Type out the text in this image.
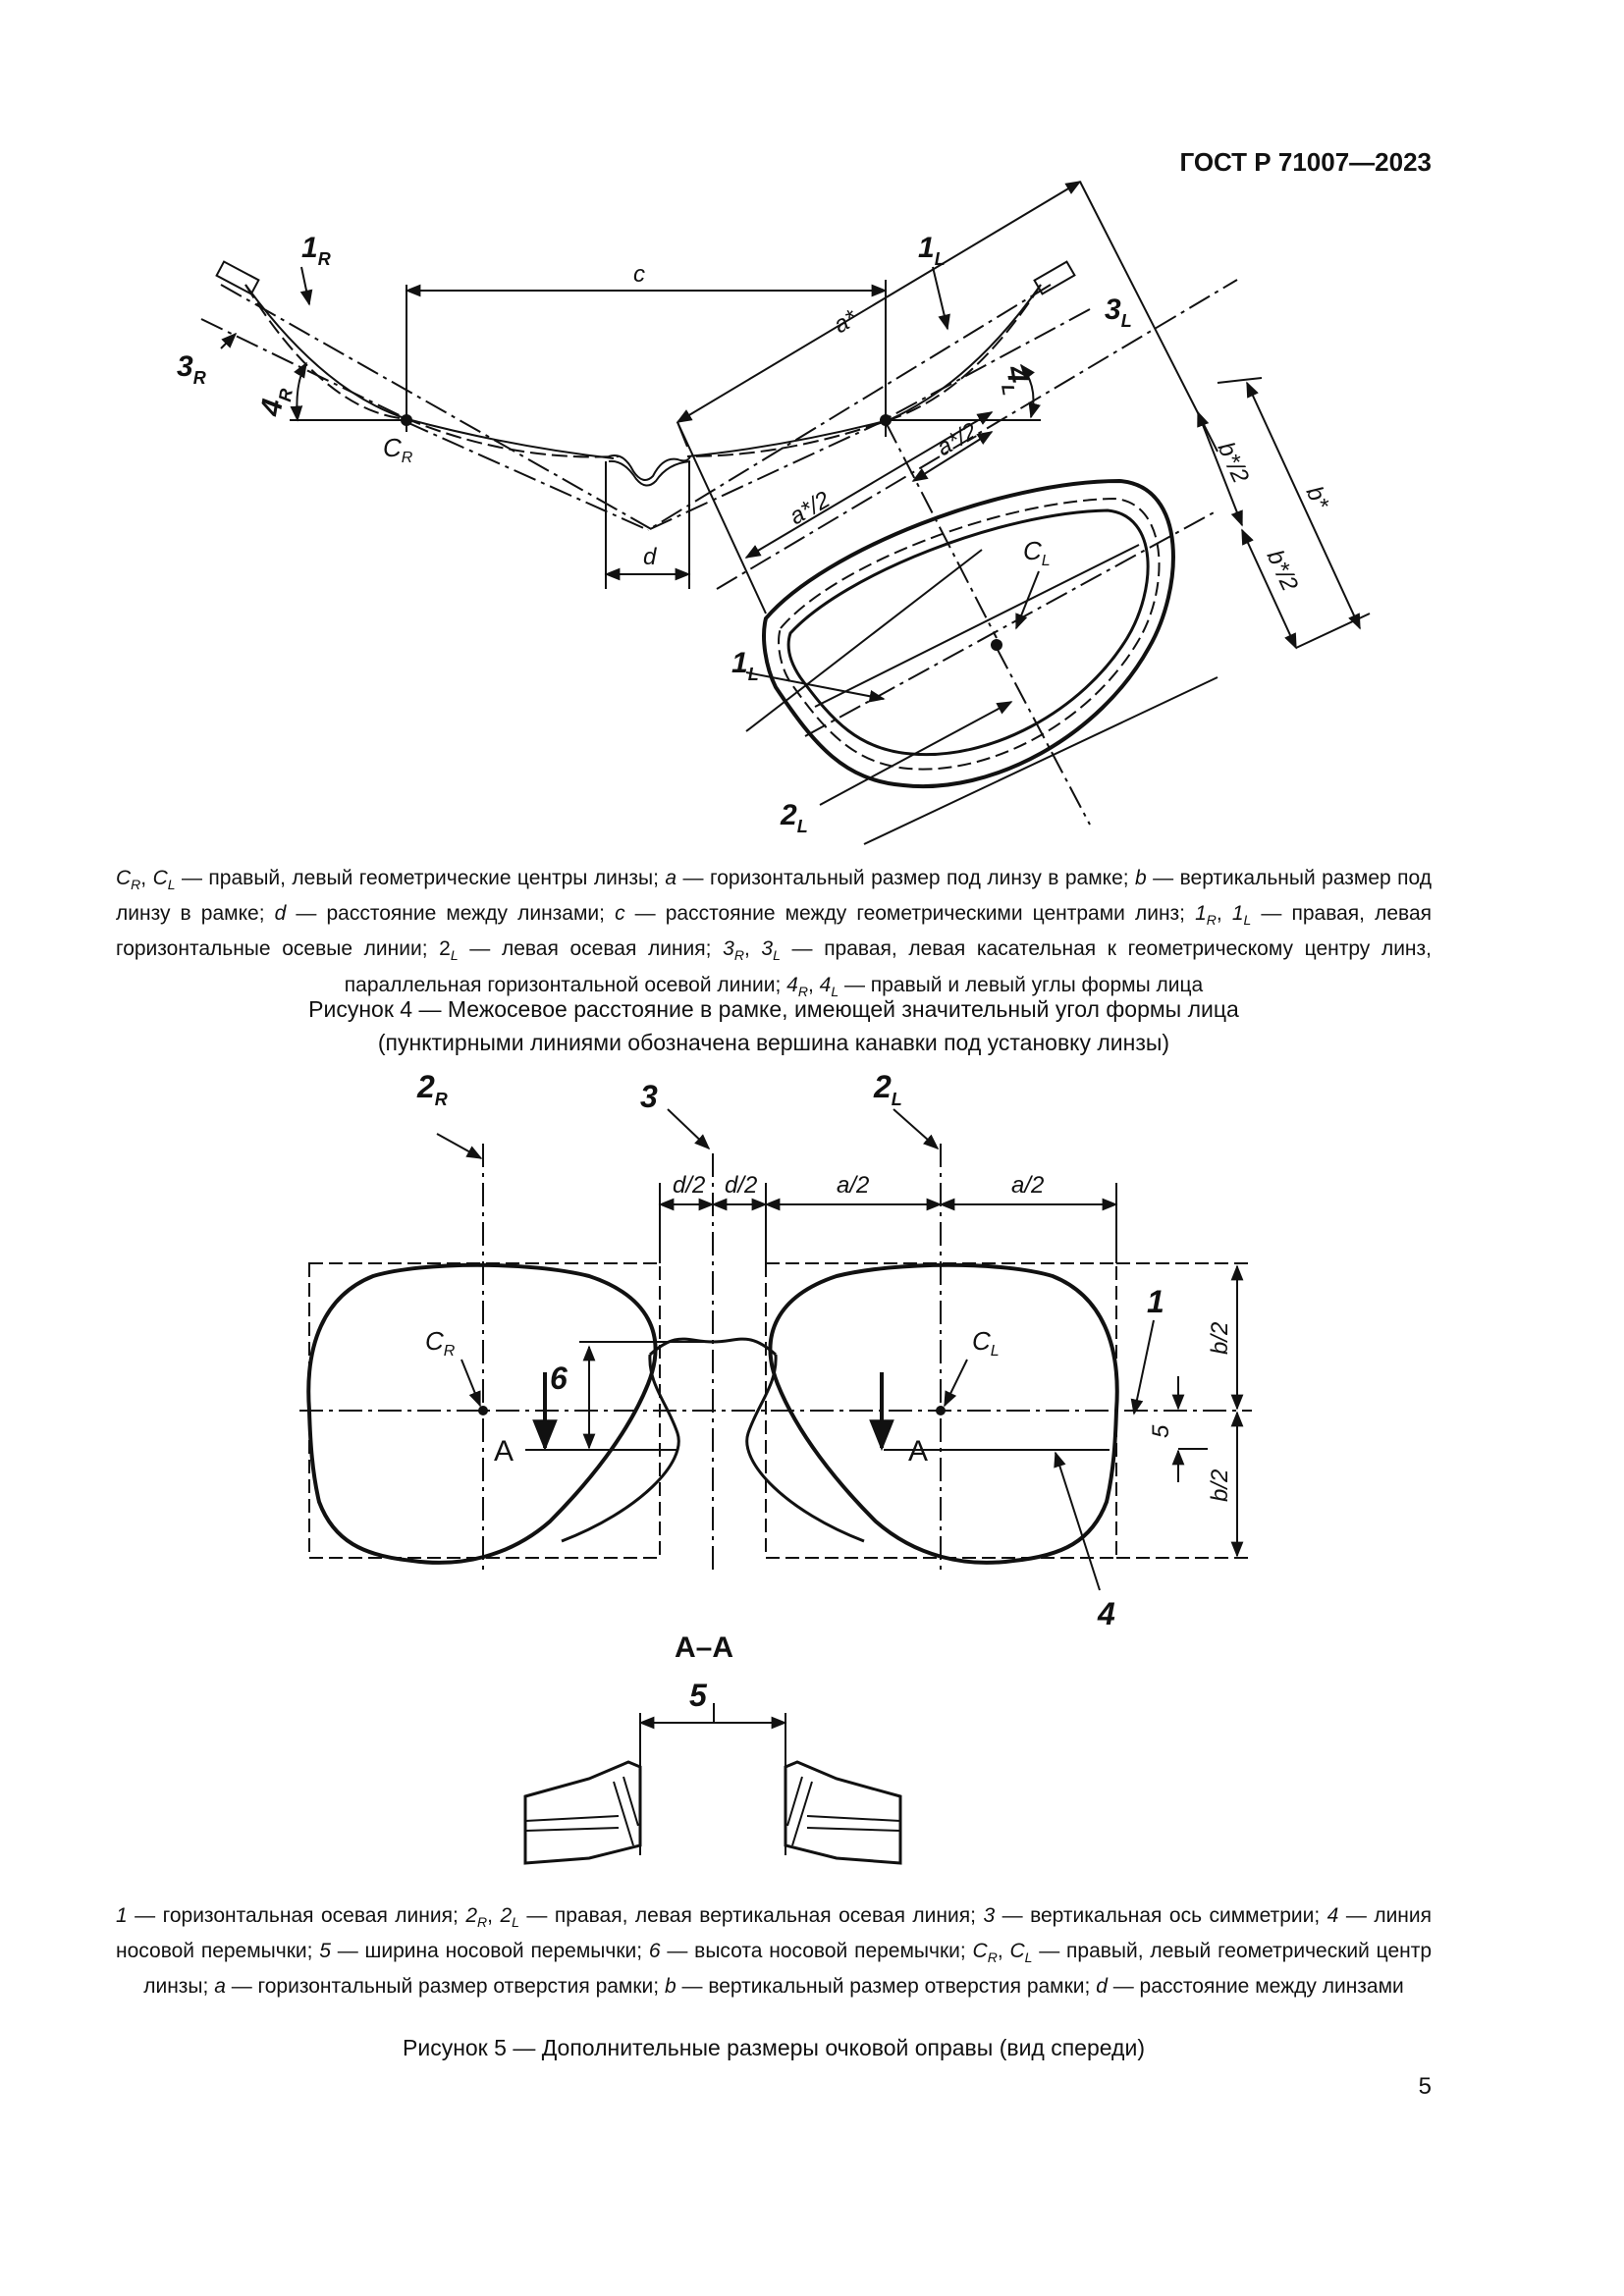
ГОСТ Р 71007—2023
$1_R$	$1_L$
$3_R$
$3_L$
$4_R$
$4_L$
$1_L$
$2_L$
c
d
a*
a*/2
a*/2	b*
b*/2
b*/2
$C_R$
$C_L$
$C_R$, $C_L$ — правый, левый геометрические центры линзы; a — горизонтальный размер под линзу в рамке; b — вертикальный размер под линзу в рамке; d — расстояние между линзами; c — расстояние между геометрическими центрами линз; $1_R$, $1_L$ — правая, левая горизонтальные осевые линии; $2_L$ — левая осевая линия; $3_R$, $3_L$ — правая, левая касательная к геометрическому центру линз, параллельная горизонтальной осевой линии; $4_R$, $4_L$ — правый и левый углы формы лица
Рисунок 4 — Межосевое расстояние в рамке, имеющей значительный угол формы лица
(пунктирными линиями обозначена вершина канавки под установку линзы)
$2_R$	3	$2_L$
6
1
4
5
d/2 d/2	a/2	a/2
b/2
b/2
5
$C_R$	$C_L$
A	A
A–A
1 — горизонтальная осевая линия; $2_R$, $2_L$ — правая, левая вертикальная осевая линия; 3 — вертикальная ось симметрии; 4 — линия носовой перемычки; 5 — ширина носовой перемычки; 6 — высота носовой перемычки; $C_R$, $C_L$ — правый, левый геометрический центр линзы; a — горизонтальный размер отверстия рамки; b — вертикальный размер отверстия рамки; d — расстояние между линзами
Рисунок 5 — Дополнительные размеры очковой оправы (вид спереди)
5
